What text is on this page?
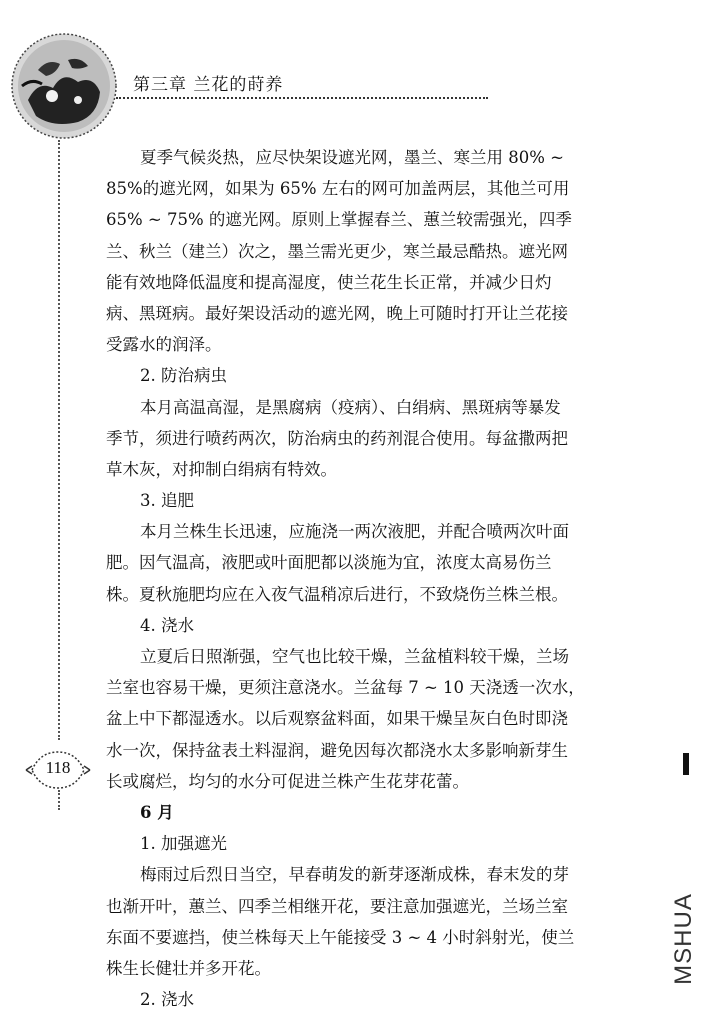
第三章 兰花的莳养
118
夏季气候炎热，应尽快架设遮光网，墨兰、寒兰用 80% ~
85%的遮光网，如果为 65% 左右的网可加盖两层，其他兰可用
65% ~ 75% 的遮光网。原则上掌握春兰、蕙兰较需强光，四季
兰、秋兰（建兰）次之，墨兰需光更少，寒兰最忌酷热。遮光网
能有效地降低温度和提高湿度，使兰花生长正常，并减少日灼
病、黑斑病。最好架设活动的遮光网，晚上可随时打开让兰花接
受露水的润泽。
2. 防治病虫
本月高温高湿，是黑腐病（疫病）、白绢病、黑斑病等暴发
季节，须进行喷药两次，防治病虫的药剂混合使用。每盆撒两把
草木灰，对抑制白绢病有特效。
3. 追肥
本月兰株生长迅速，应施浇一两次液肥，并配合喷两次叶面
肥。因气温高，液肥或叶面肥都以淡施为宜，浓度太高易伤兰
株。夏秋施肥均应在入夜气温稍凉后进行，不致烧伤兰株兰根。
4. 浇水
立夏后日照渐强，空气也比较干燥，兰盆植料较干燥，兰场
兰室也容易干燥，更须注意浇水。兰盆每 7 ~ 10 天浇透一次水，
盆上中下都湿透水。以后观察盆料面，如果干燥呈灰白色时即浇
水一次，保持盆表土料湿润，避免因每次都浇水太多影响新芽生
长或腐烂，均匀的水分可促进兰株产生花芽花蕾。
6 月
1. 加强遮光
梅雨过后烈日当空，早春萌发的新芽逐渐成株，春末发的芽
也渐开叶，蕙兰、四季兰相继开花，要注意加强遮光，兰场兰室
东面不要遮挡，使兰株每天上午能接受 3 ~ 4 小时斜射光，使兰
株生长健壮并多开花。
2. 浇水
MSHUA
